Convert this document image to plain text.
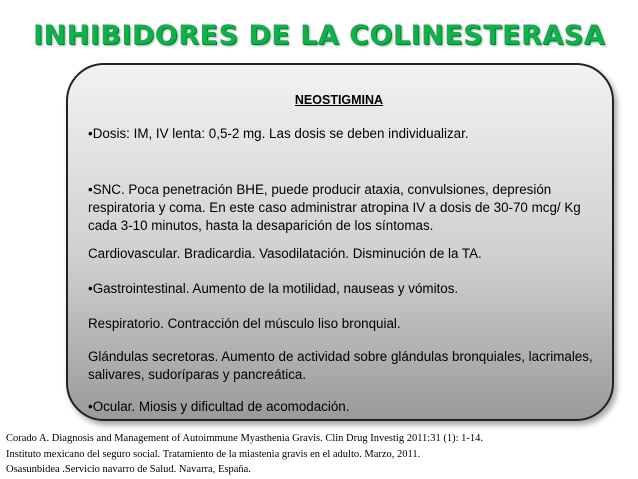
INHIBIDORES DE LA COLINESTERASA
NEOSTIGMINA
•Dosis: IM, IV lenta: 0,5-2 mg. Las dosis se deben individualizar.
•SNC. Poca penetración BHE, puede producir ataxia, convulsiones, depresión respiratoria y coma. En este caso administrar atropina IV a dosis de 30-70 mcg/ Kg cada 3-10 minutos, hasta la desaparición de los síntomas.
Cardiovascular. Bradicardia. Vasodilatación. Disminución de la TA.
•Gastrointestinal. Aumento de la motilidad, nauseas y vómitos.
Respiratorio. Contracción del músculo liso bronquial.
Glándulas secretoras. Aumento de actividad sobre glándulas bronquiales, lacrimales, salivares, sudoríparas y pancreática.
•Ocular. Miosis y dificultad de acomodación.
Corado A. Diagnosis and Management of Autoimmune Myasthenia Gravis. Clin Drug Investig 2011:31 (1): 1-14.
Instituto mexicano del seguro social. Tratamiento de la miastenia gravis en el adulto. Marzo, 2011.
Osasunbidea .Servicio navarro de Salud. Navarra, España.
